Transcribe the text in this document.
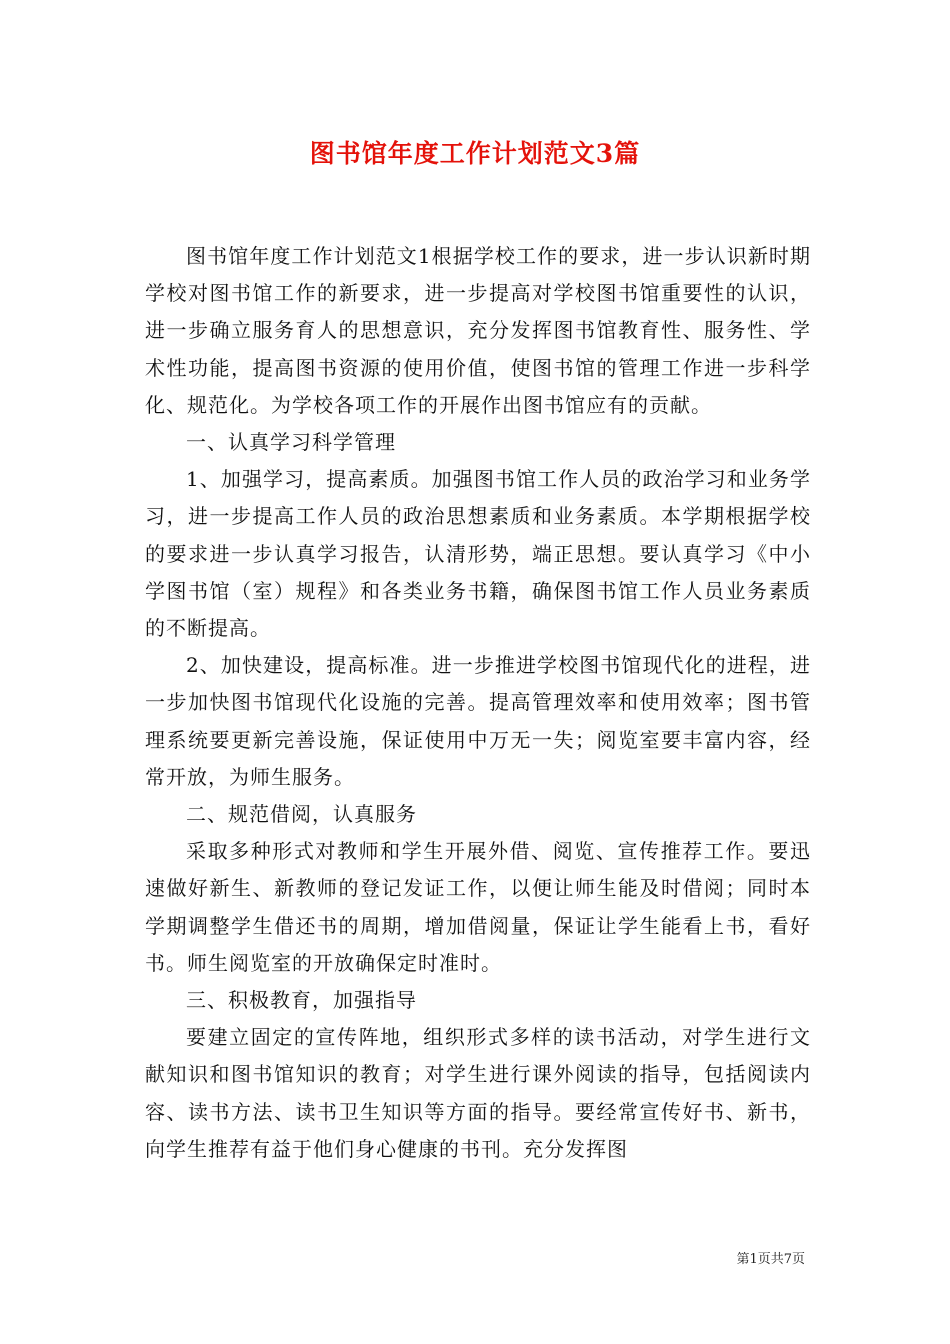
图书馆年度工作计划范文3篇

图书馆年度工作计划范文1根据学校工作的要求，进一步认识新时期学校对图书馆工作的新要求，进一步提高对学校图书馆重要性的认识，进一步确立服务育人的思想意识，充分发挥图书馆教育性、服务性、学术性功能，提高图书资源的使用价值，使图书馆的管理工作进一步科学化、规范化。为学校各项工作的开展作出图书馆应有的贡献。

一、认真学习科学管理

1、加强学习，提高素质。加强图书馆工作人员的政治学习和业务学习，进一步提高工作人员的政治思想素质和业务素质。本学期根据学校的要求进一步认真学习报告，认清形势，端正思想。要认真学习《中小学图书馆（室）规程》和各类业务书籍，确保图书馆工作人员业务素质的不断提高。

2、加快建设，提高标准。进一步推进学校图书馆现代化的进程，进一步加快图书馆现代化设施的完善。提高管理效率和使用效率；图书管理系统要更新完善设施，保证使用中万无一失；阅览室要丰富内容，经常开放，为师生服务。

二、规范借阅，认真服务

采取多种形式对教师和学生开展外借、阅览、宣传推荐工作。要迅速做好新生、新教师的登记发证工作，以便让师生能及时借阅；同时本学期调整学生借还书的周期，增加借阅量，保证让学生能看上书，看好书。师生阅览室的开放确保定时准时。

三、积极教育，加强指导

要建立固定的宣传阵地，组织形式多样的读书活动，对学生进行文献知识和图书馆知识的教育；对学生进行课外阅读的指导，包括阅读内容、读书方法、读书卫生知识等方面的指导。要经常宣传好书、新书，向学生推荐有益于他们身心健康的书刊。充分发挥图

第1页共7页
